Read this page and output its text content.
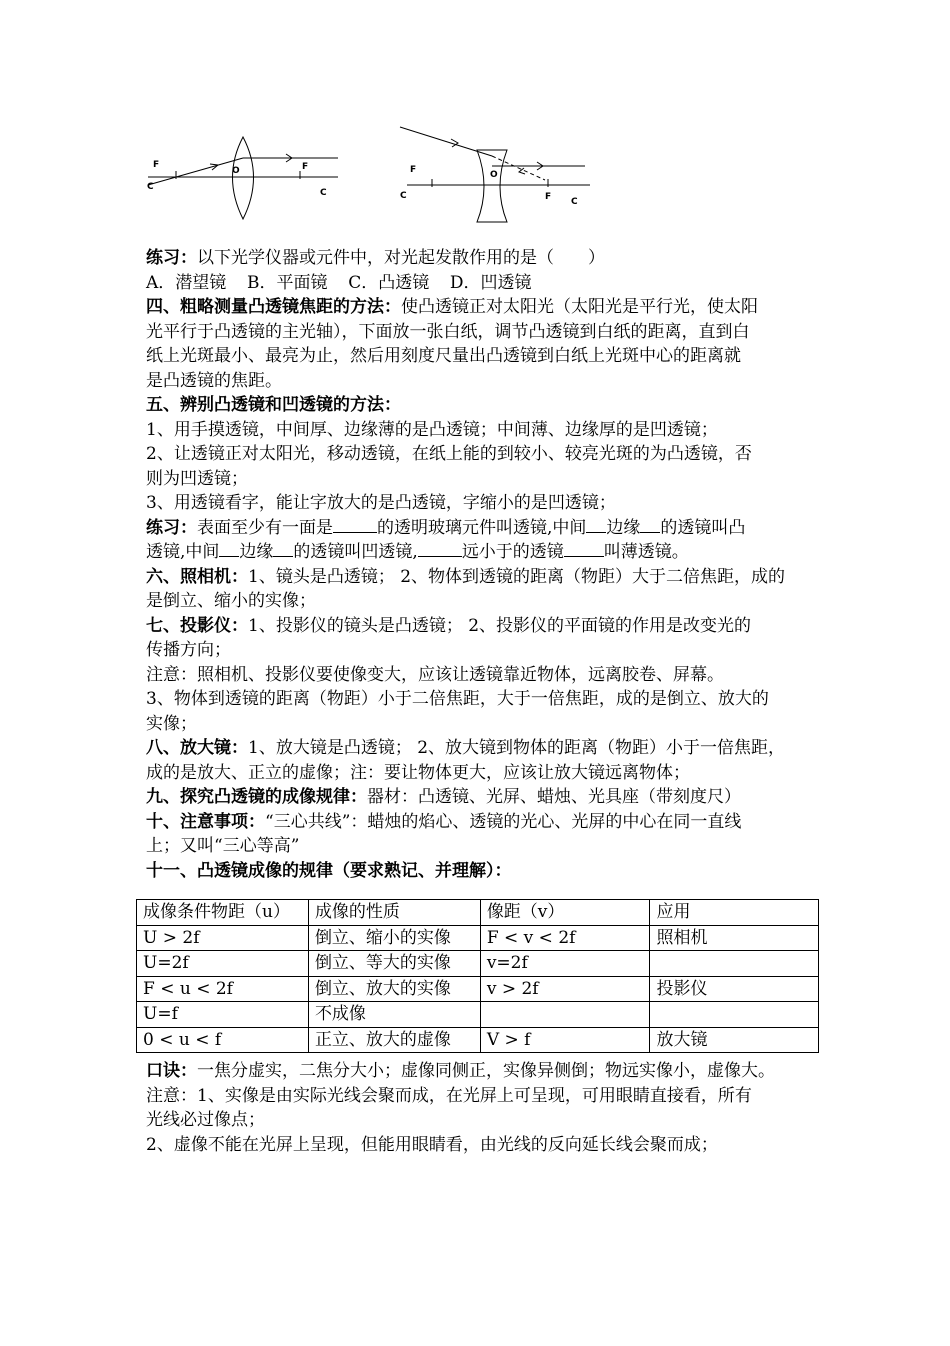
F
C
O	F
C
F
C
O
F C
练习：以下光学仪器或元件中，对光起发散作用的是（　　）
A．潜望镜 B．平面镜 C．凸透镜 D．凹透镜
四、粗略测量凸透镜焦距的方法：使凸透镜正对太阳光（太阳光是平行光，使太阳
光平行于凸透镜的主光轴），下面放一张白纸，调节凸透镜到白纸的距离，直到白
纸上光斑最小、最亮为止，然后用刻度尺量出凸透镜到白纸上光斑中心的距离就
是凸透镜的焦距。
五、辨别凸透镜和凹透镜的方法：
1、用手摸透镜，中间厚、边缘薄的是凸透镜；中间薄、边缘厚的是凹透镜；
2、让透镜正对太阳光，移动透镜，在纸上能的到较小、较亮光斑的为凸透镜，否
则为凹透镜；
3、用透镜看字，能让字放大的是凸透镜，字缩小的是凹透镜；
练习：表面至少有一面是	的透明玻璃元件叫透镜,中间 边缘 的透镜叫凸
透镜,中间 边缘 的透镜叫凹透镜,	远小于的透镜 叫薄透镜。
六、照相机：1、镜头是凸透镜； 2、物体到透镜的距离（物距）大于二倍焦距，成的
是倒立、缩小的实像；
七、投影仪：1、投影仪的镜头是凸透镜； 2、投影仪的平面镜的作用是改变光的
传播方向；
注意：照相机、投影仪要使像变大，应该让透镜靠近物体，远离胶卷、屏幕。
3、物体到透镜的距离（物距）小于二倍焦距，大于一倍焦距，成的是倒立、放大的
实像；
八、放大镜：1、放大镜是凸透镜； 2、放大镜到物体的距离（物距）小于一倍焦距，
成的是放大、正立的虚像；注：要让物体更大，应该让放大镜远离物体；
九、探究凸透镜的成像规律：器材：凸透镜、光屏、蜡烛、光具座（带刻度尺）
十、注意事项：“三心共线”：蜡烛的焰心、透镜的光心、光屏的中心在同一直线
上；又叫“三心等高”
十一、凸透镜成像的规律（要求熟记、并理解）：
成像条件物距（u）	成像的性质	像距（v）	应用
U > 2f	倒立、缩小的实像	F < v < 2f	照相机
U=2f	倒立、等大的实像	v=2f	
F < u < 2f	倒立、放大的实像	v > 2f	投影仪
U=f	不成像		
0 < u < f	正立、放大的虚像	V > f	放大镜
口诀：一焦分虚实，二焦分大小；虚像同侧正，实像异侧倒；物远实像小，虚像大。
注意：1、实像是由实际光线会聚而成，在光屏上可呈现，可用眼睛直接看，所有
光线必过像点；
2、虚像不能在光屏上呈现，但能用眼睛看，由光线的反向延长线会聚而成；
